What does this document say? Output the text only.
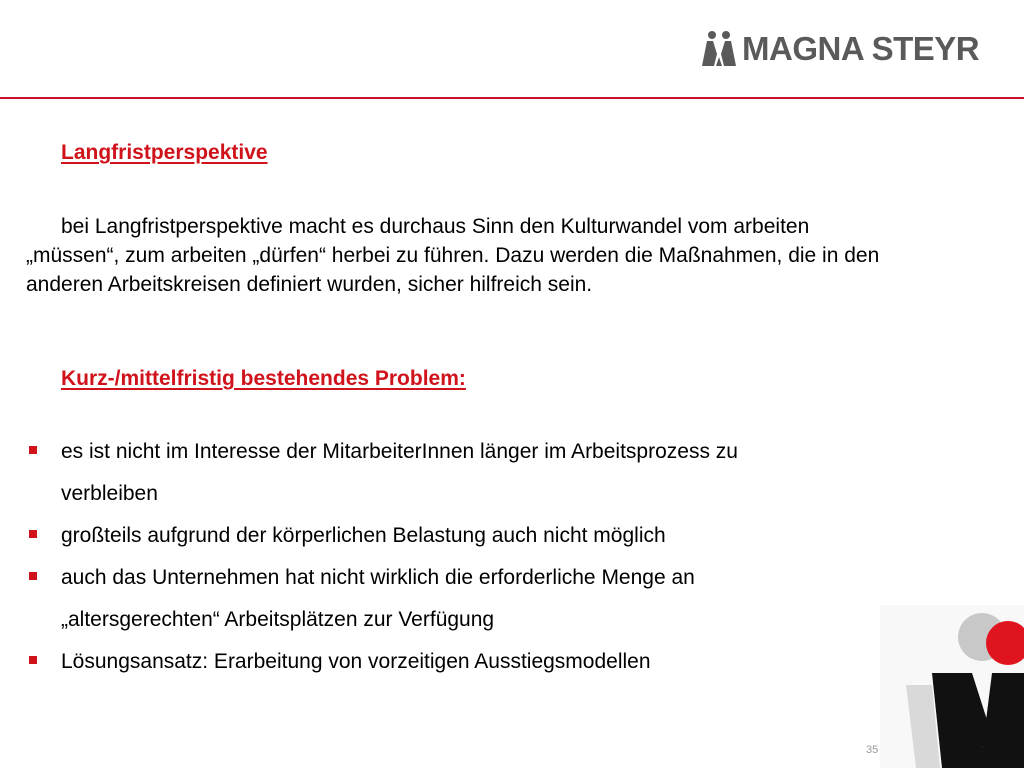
MAGNA STEYR
Langfristperspektive

bei Langfristperspektive macht es durchaus Sinn den Kulturwandel vom arbeiten „müssen“, zum arbeiten „dürfen“ herbei zu führen. Dazu werden die Maßnahmen, die in den anderen Arbeitskreisen definiert wurden, sicher hilfreich sein.

Kurz-/mittelfristig bestehendes Problem:
es ist nicht im Interesse der MitarbeiterInnen länger im Arbeitsprozess zu
verbleiben
großteils aufgrund der körperlichen Belastung auch nicht möglich
auch das Unternehmen hat nicht wirklich die erforderliche Menge an
„altersgerechten“ Arbeitsplätzen zur Verfügung
Lösungsansatz: Erarbeitung von vorzeitigen Ausstiegsmodellen
35
